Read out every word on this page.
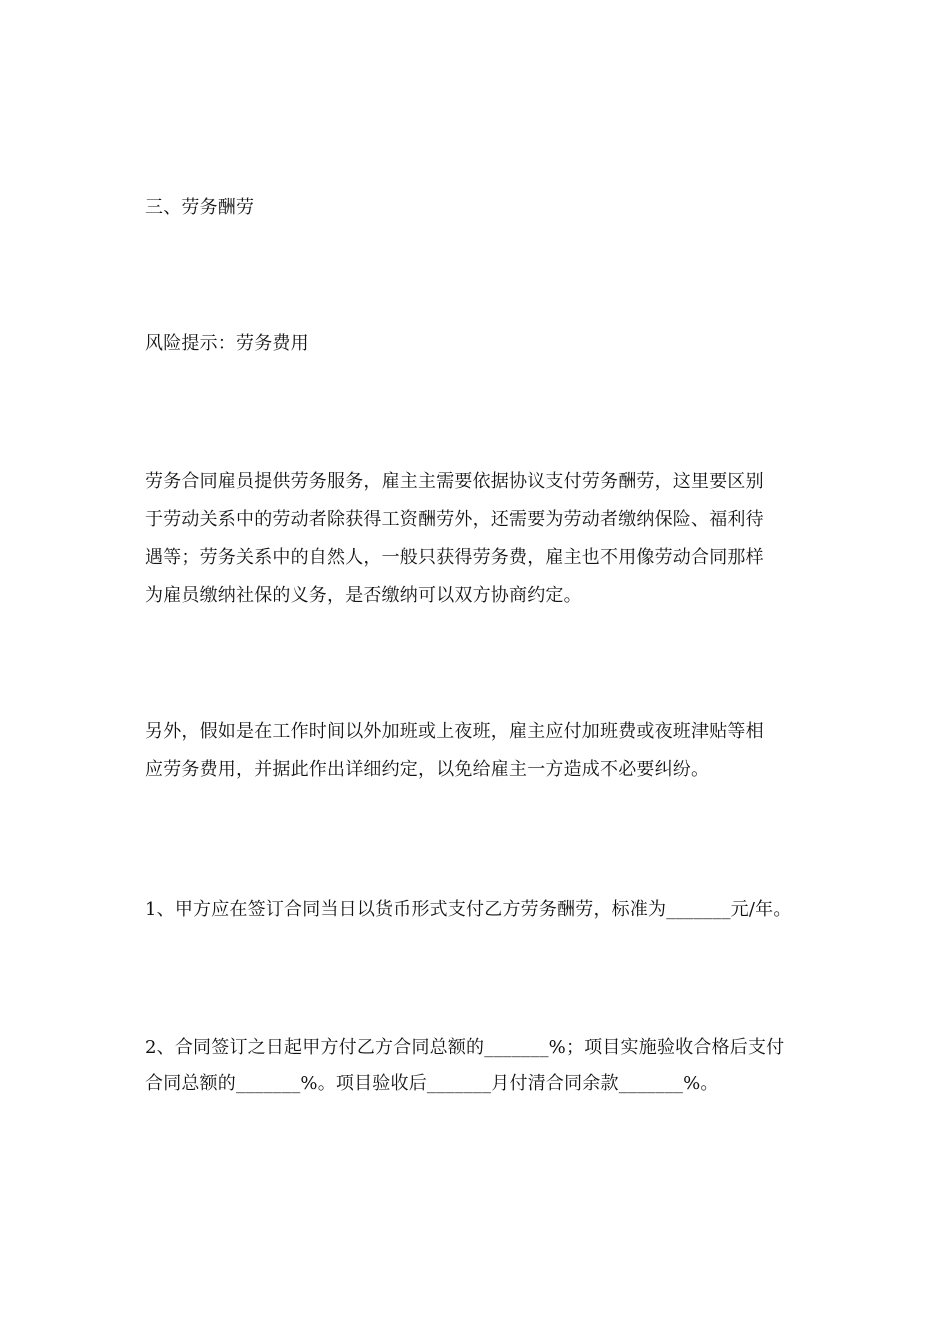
三、劳务酬劳

风险提示：劳务费用

劳务合同雇员提供劳务服务，雇主主需要依据协议支付劳务酬劳，这里要区别

于劳动关系中的劳动者除获得工资酬劳外，还需要为劳动者缴纳保险、福利待

遇等；劳务关系中的自然人，一般只获得劳务费，雇主也不用像劳动合同那样

为雇员缴纳社保的义务，是否缴纳可以双方协商约定。

另外，假如是在工作时间以外加班或上夜班，雇主应付加班费或夜班津贴等相

应劳务费用，并据此作出详细约定，以免给雇主一方造成不必要纠纷。

1、甲方应在签订合同当日以货币形式支付乙方劳务酬劳，标准为_______元/年。

2、合同签订之日起甲方付乙方合同总额的_______%；项目实施验收合格后支付

合同总额的_______%。项目验收后_______月付清合同余款_______%。
